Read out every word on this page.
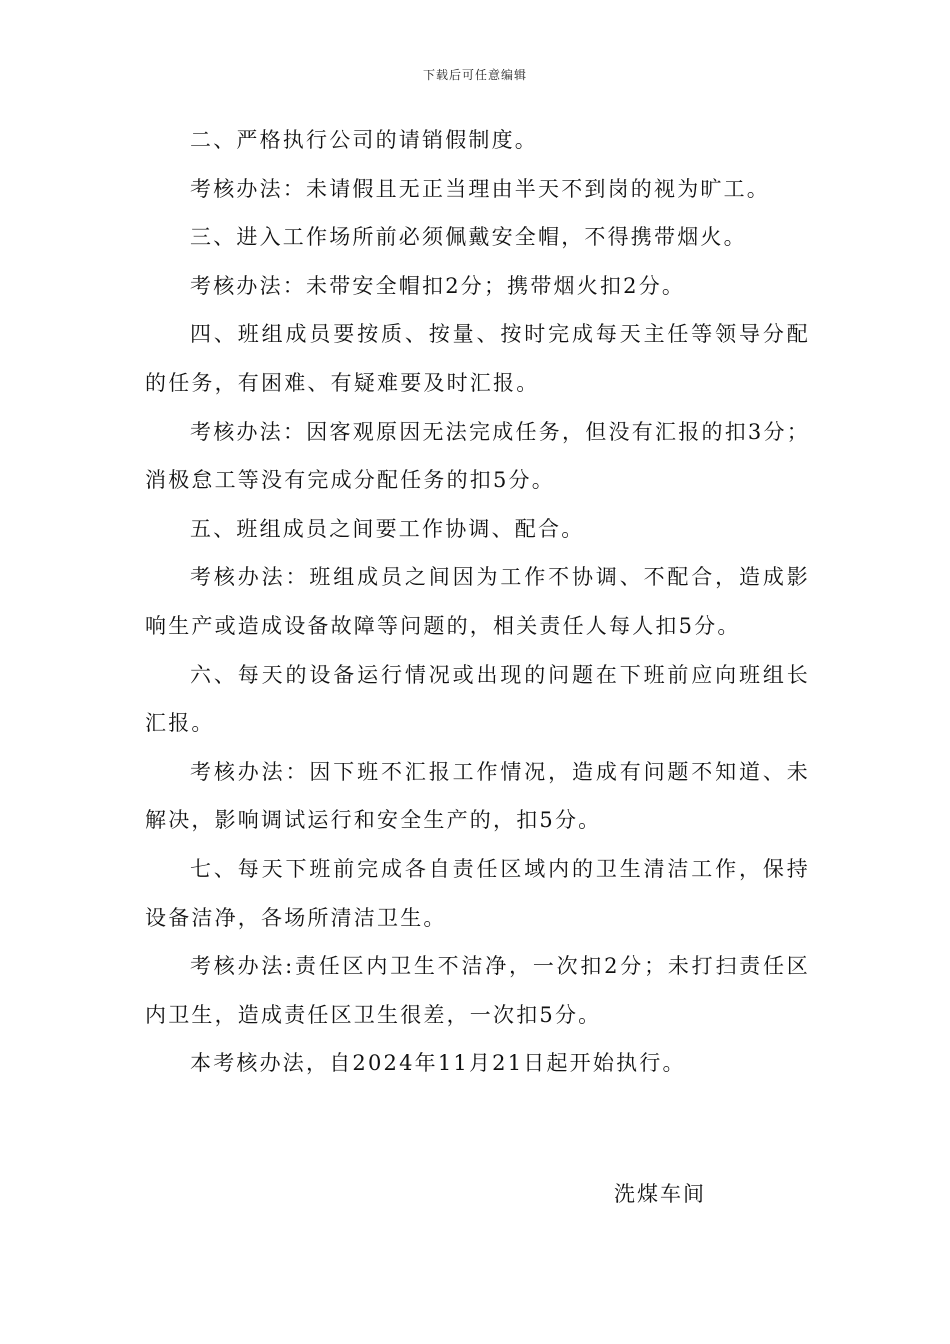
下载后可任意编辑

二、严格执行公司的请销假制度。

考核办法：未请假且无正当理由半天不到岗的视为旷工。

三、进入工作场所前必须佩戴安全帽，不得携带烟火。

考核办法：未带安全帽扣2分；携带烟火扣2分。

四、班组成员要按质、按量、按时完成每天主任等领导分配的任务，有困难、有疑难要及时汇报。

考核办法：因客观原因无法完成任务，但没有汇报的扣3分；消极怠工等没有完成分配任务的扣5分。

五、班组成员之间要工作协调、配合。

考核办法：班组成员之间因为工作不协调、不配合，造成影响生产或造成设备故障等问题的，相关责任人每人扣5分。

六、每天的设备运行情况或出现的问题在下班前应向班组长汇报。

考核办法：因下班不汇报工作情况，造成有问题不知道、未解决，影响调试运行和安全生产的，扣5分。

七、每天下班前完成各自责任区域内的卫生清洁工作，保持设备洁净，各场所清洁卫生。

考核办法:责任区内卫生不洁净，一次扣2分；未打扫责任区内卫生，造成责任区卫生很差，一次扣5分。

本考核办法，自2024年11月21日起开始执行。

洗煤车间
